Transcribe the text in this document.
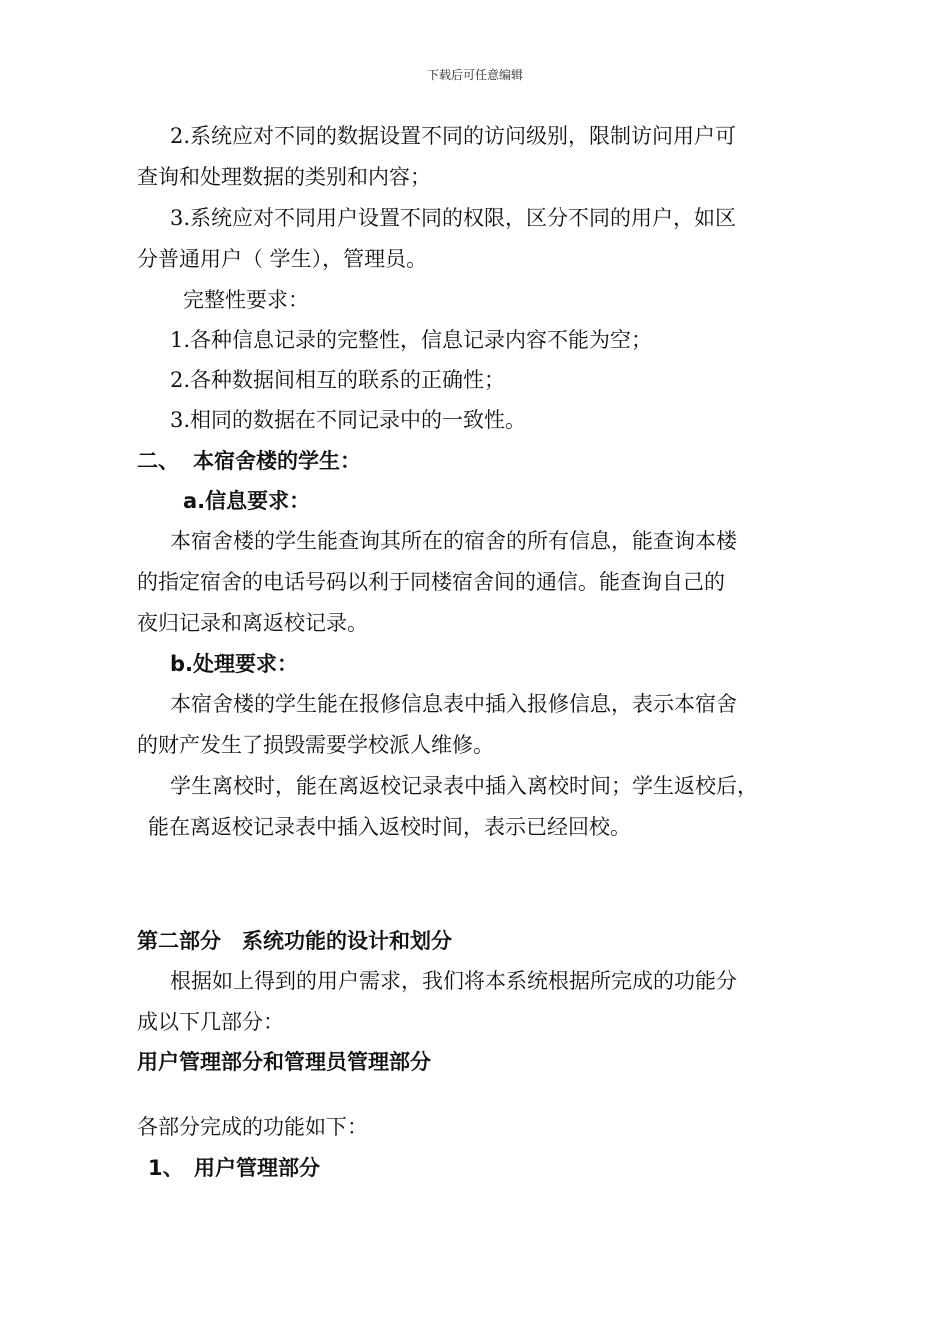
下载后可任意编辑
2.系统应对不同的数据设置不同的访问级别，限制访问用户可
查询和处理数据的类别和内容；
3.系统应对不同用户设置不同的权限，区分不同的用户，如区
分普通用户（ 学生），管理员。
完整性要求：
1.各种信息记录的完整性，信息记录内容不能为空；
2.各种数据间相互的联系的正确性；
3.相同的数据在不同记录中的一致性。
二、 本宿舍楼的学生：
a.信息要求：
本宿舍楼的学生能查询其所在的宿舍的所有信息，能查询本楼
的指定宿舍的电话号码以利于同楼宿舍间的通信。能查询自己的
夜归记录和离返校记录。
b.处理要求：
本宿舍楼的学生能在报修信息表中插入报修信息，表示本宿舍
的财产发生了损毁需要学校派人维修。
学生离校时，能在离返校记录表中插入离校时间；学生返校后，
能在离返校记录表中插入返校时间，表示已经回校。
第二部分　系统功能的设计和划分
根据如上得到的用户需求，我们将本系统根据所完成的功能分
成以下几部分：
用户管理部分和管理员管理部分
各部分完成的功能如下：
1、 用户管理部分
